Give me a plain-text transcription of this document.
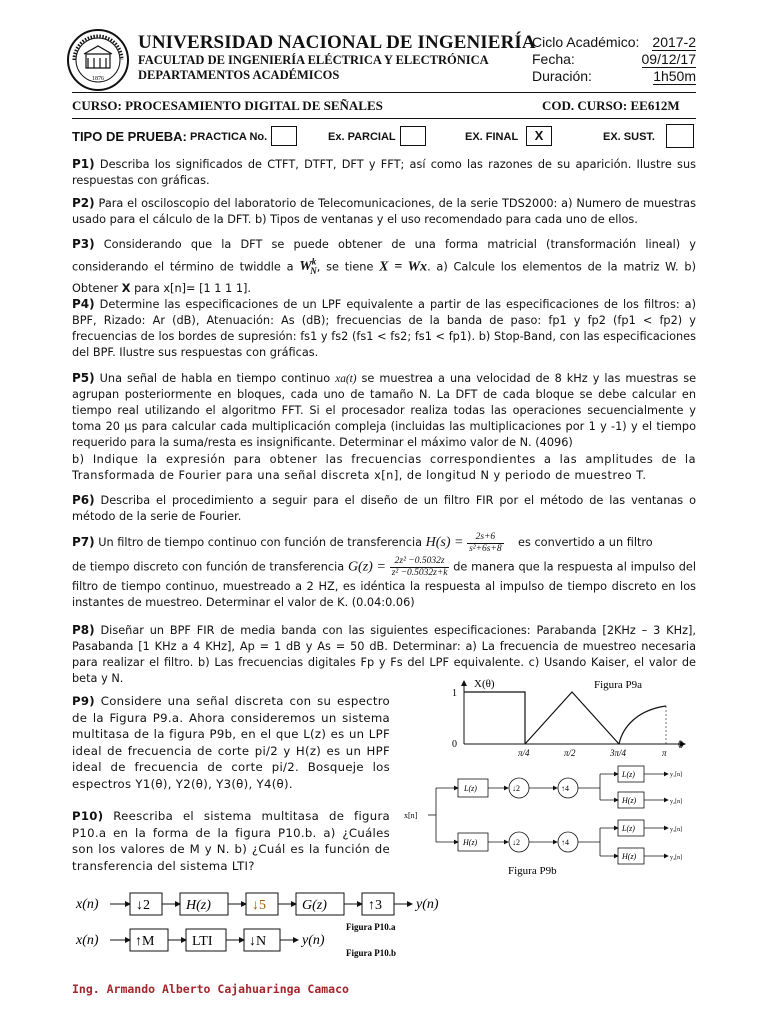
1876
UNIVERSIDAD NACIONAL DE INGENIERÍA
FACULTAD DE INGENIERÍA ELÉCTRICA Y ELECTRÓNICA
DEPARTAMENTOS ACADÉMICOS
Ciclo Académico: 2017-2
Fecha:	09/12/17
Duración:	1h50m
CURSO: PROCESAMIENTO DIGITAL DE SEÑALES	COD. CURSO: EE612M
TIPO DE PRUEBA: PRACTICA No.	Ex. PARCIAL	EX. FINAL	X	EX. SUST.
P1) Describa los significados de CTFT, DTFT, DFT y FFT; así como las razones de su aparición. Ilustre sus respuestas con gráficas.
P2) Para el osciloscopio del laboratorio de Telecomunicaciones, de la serie TDS2000: a) Numero de muestras usado para el cálculo de la DFT. b) Tipos de ventanas y el uso recomendado para cada uno de ellos.
P3) Considerando que la DFT se puede obtener de una forma matricial (transformación lineal) y considerando el término de twiddle a $W^k_N$, se tiene X = Wx. a) Calcule los elementos de la matriz W. b) Obtener X para x[n]= [1 1 1 1].
P4) Determine las especificaciones de un LPF equivalente a partir de las especificaciones de los filtros: a) BPF, Rizado: Ar (dB), Atenuación: As (dB); frecuencias de la banda de paso: fp1 y fp2 (fp1 < fp2) y frecuencias de los bordes de supresión: fs1 y fs2 (fs1 < fs2; fs1 < fp1). b) Stop-Band, con las especificaciones del BPF. Ilustre sus respuestas con gráficas.
P5) Una señal de habla en tiempo continuo xa(t) se muestrea a una velocidad de 8 kHz y las muestras se agrupan posteriormente en bloques, cada uno de tamaño N. La DFT de cada bloque se debe calcular en tiempo real utilizando el algoritmo FFT. Si el procesador realiza todas las operaciones secuencialmente y toma 20 µs para calcular cada multiplicación compleja (incluidas las multiplicaciones por 1 y -1) y el tiempo requerido para la suma/resta es insignificante. Determinar el máximo valor de N. (4096)
b) Indique la expresión para obtener las frecuencias correspondientes a las amplitudes de la Transformada de Fourier para una señal discreta x[n], de longitud N y periodo de muestreo T.
P6) Describa el procedimiento a seguir para el diseño de un filtro FIR por el método de las ventanas o método de la serie de Fourier.
P7) Un filtro de tiempo continuo con función de transferencia $H(s) = \frac{2s+6}{\text{s²+6s+8}}$ es convertido a un filtro
de tiempo discreto con función de transferencia $G(z) = \frac{\text{2z² −0.5032z}}{\text{z² −0.5032z+k}}$ de manera que la respuesta al impulso del filtro de tiempo continuo, muestreado a 2 HZ, es idéntica la respuesta al impulso de tiempo discreto en los instantes de muestreo. Determinar el valor de K. (0.04:0.06)
P8) Diseñar un BPF FIR de media banda con las siguientes especificaciones: Parabanda [2KHz – 3 KHz], Pasabanda [1 KHz a 4 KHz], Ap = 1 dB y As = 50 dB. Determinar: a) La frecuencia de muestreo necesaria para realizar el filtro. b) Las frecuencias digitales Fp y Fs del LPF equivalente. c) Usando Kaiser, el valor de beta y N.
P9) Considere una señal discreta con su espectro de la Figura P9.a. Ahora consideremos un sistema multitasa de la figura P9b, en el que L(z) es un LPF ideal de frecuencia de corte pi/2 y H(z) es un HPF ideal de frecuencia de corte pi/2. Bosqueje los espectros Y1(θ), Y2(θ), Y3(θ), Y4(θ).
P10) Reescriba el sistema multitasa de figura P10.a en la forma de la figura P10.b. a) ¿Cuáles son los valores de M y N. b) ¿Cuál es la función de transferencia del sistema LTI?
X(θ)
1
0	θ
π/4	π/2	3π/4	π
Figura P9a
x[n]
L(z)	↓2	↑4
L(z)	y₁[n]
H(z)	y₂[n]
H(z)	↓2	↑4
L(z)	y₃[n]
H(z)	y₄[n]
Figura P9b
x(n)	↓2	H(z)	↓5	G(z)	↑3 y(n)
Figura P10.a
x(n)	↑M	LTI	↓N	y(n)
Figura P10.b
Ing. Armando Alberto Cajahuaringa Camaco
